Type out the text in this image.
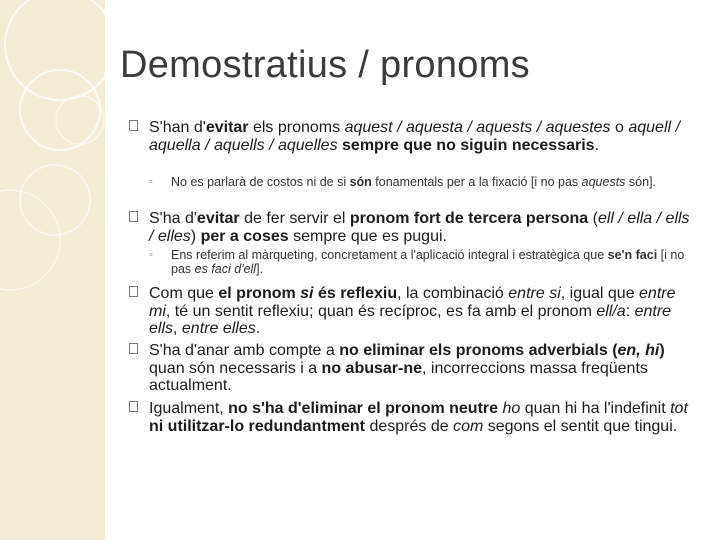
Demostratius / pronoms
S'han d'evitar els pronoms aquest / aquesta / aquests / aquestes o aquell / aquella / aquells / aquelles sempre que no siguin necessaris.
◦ No es parlarà de costos ni de si són fonamentals per a la fixació [i no pas aquests són].
S'ha d'evitar de fer servir el pronom fort de tercera persona (ell / ella / ells / elles) per a coses sempre que es pugui.
◦ Ens referim al màrqueting, concretament a l'aplicació integral i estratègica que se'n faci [i no pas es faci d'ell].
Com que el pronom si és reflexiu, la combinació entre si, igual que entre mi, té un sentit reflexiu; quan és recíproc, es fa amb el pronom ell/a: entre ells, entre elles.
S'ha d'anar amb compte a no eliminar els pronoms adverbials (en, hi) quan són necessaris i a no abusar-ne, incorreccions massa freqüents actualment.
Igualment, no s'ha d'eliminar el pronom neutre ho quan hi ha l'indefinit tot ni utilitzar-lo redundantment després de com segons el sentit que tingui.
